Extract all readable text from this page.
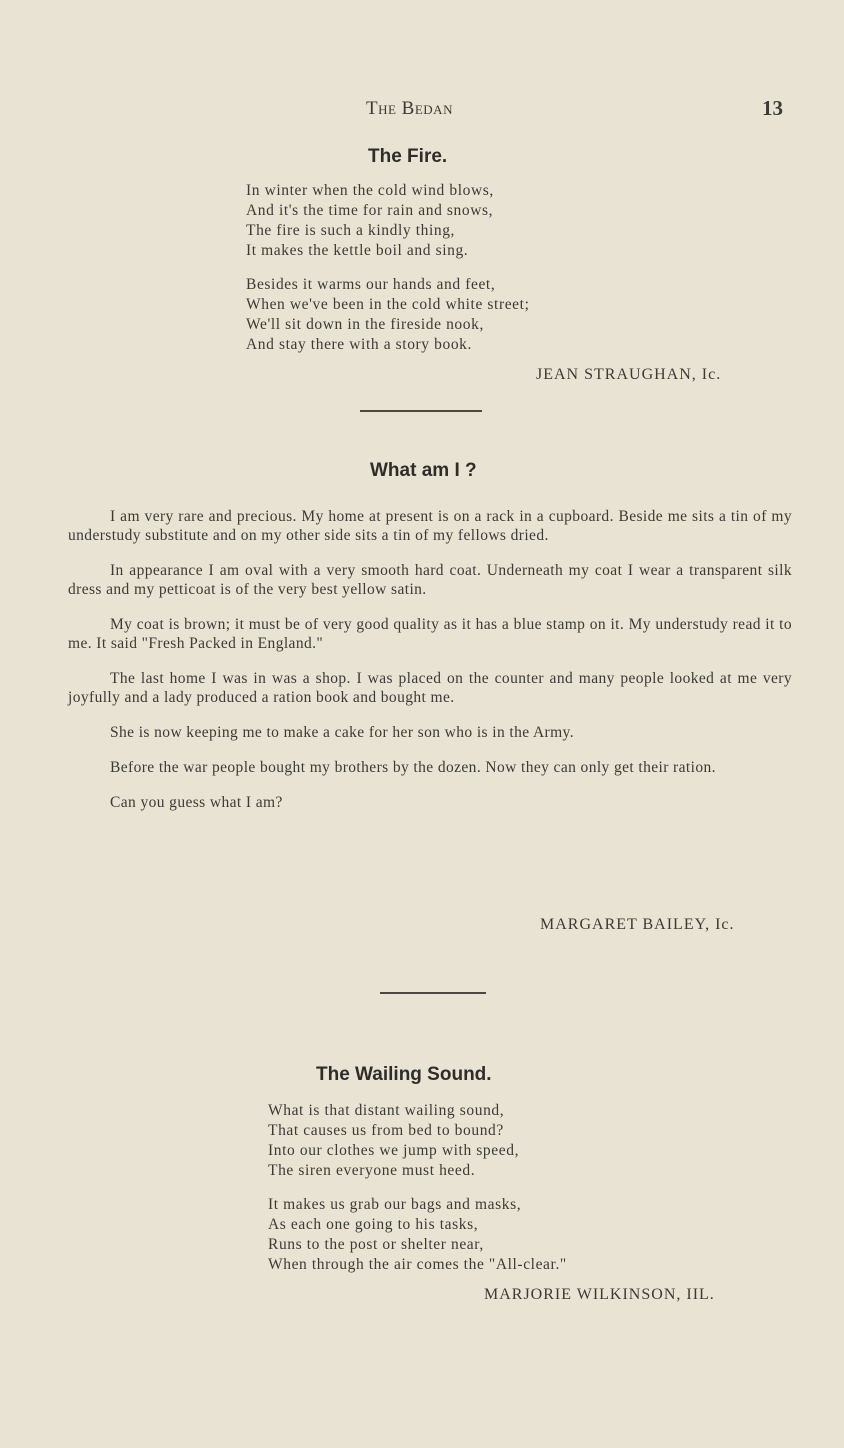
The Bedan	13
The Fire.
In winter when the cold wind blows,
And it's the time for rain and snows,
The fire is such a kindly thing,
It makes the kettle boil and sing.
Besides it warms our hands and feet,
When we've been in the cold white street;
We'll sit down in the fireside nook,
And stay there with a story book.
JEAN STRAUGHAN, Ic.
What am I ?

I am very rare and precious. My home at present is on a rack in a cupboard. Beside me sits a tin of my understudy substitute and on my other side sits a tin of my fellows dried.

In appearance I am oval with a very smooth hard coat. Underneath my coat I wear a transparent silk dress and my petticoat is of the very best yellow satin.

My coat is brown; it must be of very good quality as it has a blue stamp on it. My understudy read it to me. It said "Fresh Packed in England."

The last home I was in was a shop. I was placed on the counter and many people looked at me very joyfully and a lady produced a ration book and bought me.

She is now keeping me to make a cake for her son who is in the Army.

Before the war people bought my brothers by the dozen. Now they can only get their ration.

Can you guess what I am?

MARGARET BAILEY, Ic.
The Wailing Sound.
What is that distant wailing sound,
That causes us from bed to bound?
Into our clothes we jump with speed,
The siren everyone must heed.
It makes us grab our bags and masks,
As each one going to his tasks,
Runs to the post or shelter near,
When through the air comes the "All-clear."
MARJORIE WILKINSON, IIL.
